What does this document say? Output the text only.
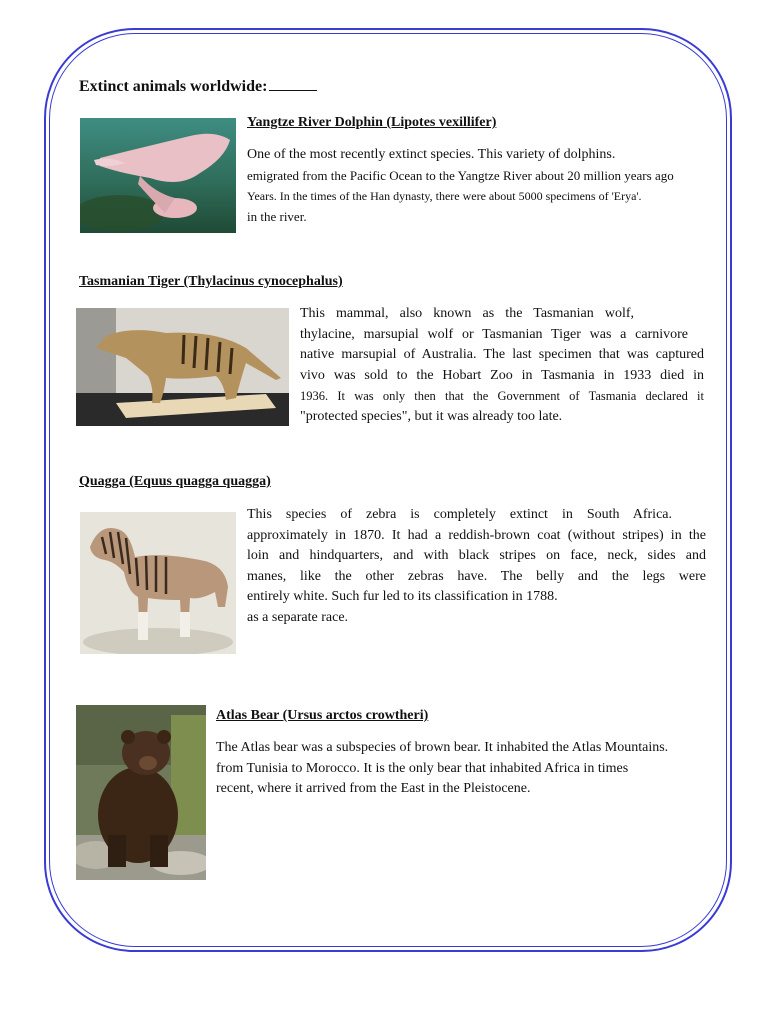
Extinct animals worldwide:
Yangtze River Dolphin (Lipotes vexillifer)

One of the most recently extinct species. This variety of dolphins.

emigrated from the Pacific Ocean to the Yangtze River about 20 million years ago

Years. In the times of the Han dynasty, there were about 5000 specimens of 'Erya'.

in the river.

Tasmanian Tiger (Thylacinus cynocephalus)

This mammal, also known as the Tasmanian wolf,

thylacine, marsupial wolf or Tasmanian Tiger was a carnivore

native marsupial of Australia. The last specimen that was captured

vivo was sold to the Hobart Zoo in Tasmania in 1933 died in

1936. It was only then that the Government of Tasmania declared it

"protected species", but it was already too late.

Quagga (Equus quagga quagga)

This species of zebra is completely extinct in South Africa.

approximately in 1870. It had a reddish-brown coat (without stripes) in the

loin and hindquarters, and with black stripes on face, neck, sides and

manes, like the other zebras have. The belly and the legs were

entirely white. Such fur led to its classification in 1788.

as a separate race.

Atlas Bear (Ursus arctos crowtheri)

The Atlas bear was a subspecies of brown bear. It inhabited the Atlas Mountains.

from Tunisia to Morocco. It is the only bear that inhabited Africa in times

recent, where it arrived from the East in the Pleistocene.
